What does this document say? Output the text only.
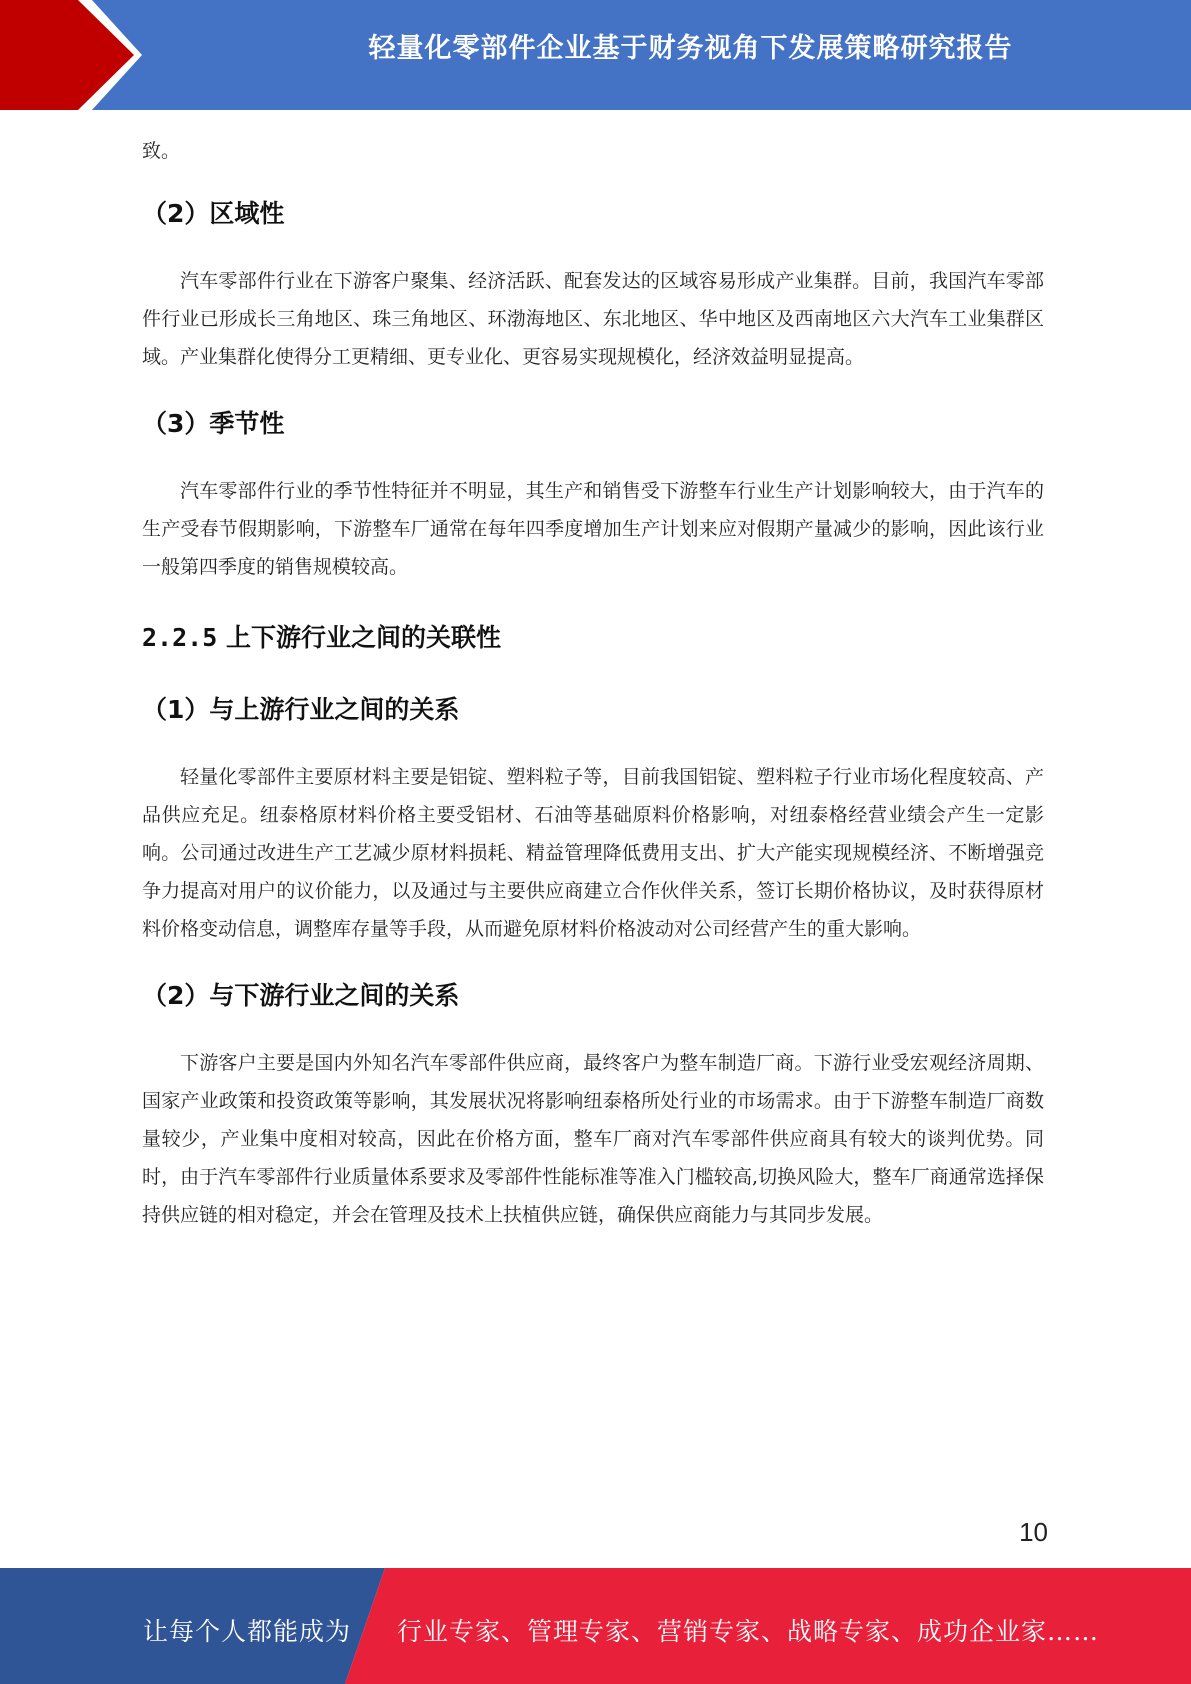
轻量化零部件企业基于财务视角下发展策略研究报告

致。

（2）区域性

汽车零部件行业在下游客户聚集、经济活跃、配套发达的区域容易形成产业集群。目前，我国汽车零部件行业已形成长三角地区、珠三角地区、环渤海地区、东北地区、华中地区及西南地区六大汽车工业集群区域。产业集群化使得分工更精细、更专业化、更容易实现规模化，经济效益明显提高。

（3）季节性

汽车零部件行业的季节性特征并不明显，其生产和销售受下游整车行业生产计划影响较大，由于汽车的生产受春节假期影响，下游整车厂通常在每年四季度增加生产计划来应对假期产量减少的影响，因此该行业一般第四季度的销售规模较高。

2.2.5 上下游行业之间的关联性
（1）与上游行业之间的关系

轻量化零部件主要原材料主要是铝锭、塑料粒子等，目前我国铝锭、塑料粒子行业市场化程度较高、产品供应充足。纽泰格原材料价格主要受铝材、石油等基础原料价格影响，对纽泰格经营业绩会产生一定影响。公司通过改进生产工艺减少原材料损耗、精益管理降低费用支出、扩大产能实现规模经济、不断增强竞争力提高对用户的议价能力，以及通过与主要供应商建立合作伙伴关系，签订长期价格协议，及时获得原材料价格变动信息，调整库存量等手段，从而避免原材料价格波动对公司经营产生的重大影响。

（2）与下游行业之间的关系

下游客户主要是国内外知名汽车零部件供应商，最终客户为整车制造厂商。下游行业受宏观经济周期、国家产业政策和投资政策等影响，其发展状况将影响纽泰格所处行业的市场需求。由于下游整车制造厂商数量较少，产业集中度相对较高，因此在价格方面，整车厂商对汽车零部件供应商具有较大的谈判优势。同时，由于汽车零部件行业质量体系要求及零部件性能标准等准入门槛较高,切换风险大，整车厂商通常选择保持供应链的相对稳定，并会在管理及技术上扶植供应链，确保供应商能力与其同步发展。

10
让每个人都能成为 行业专家、管理专家、营销专家、战略专家、成功企业家……
